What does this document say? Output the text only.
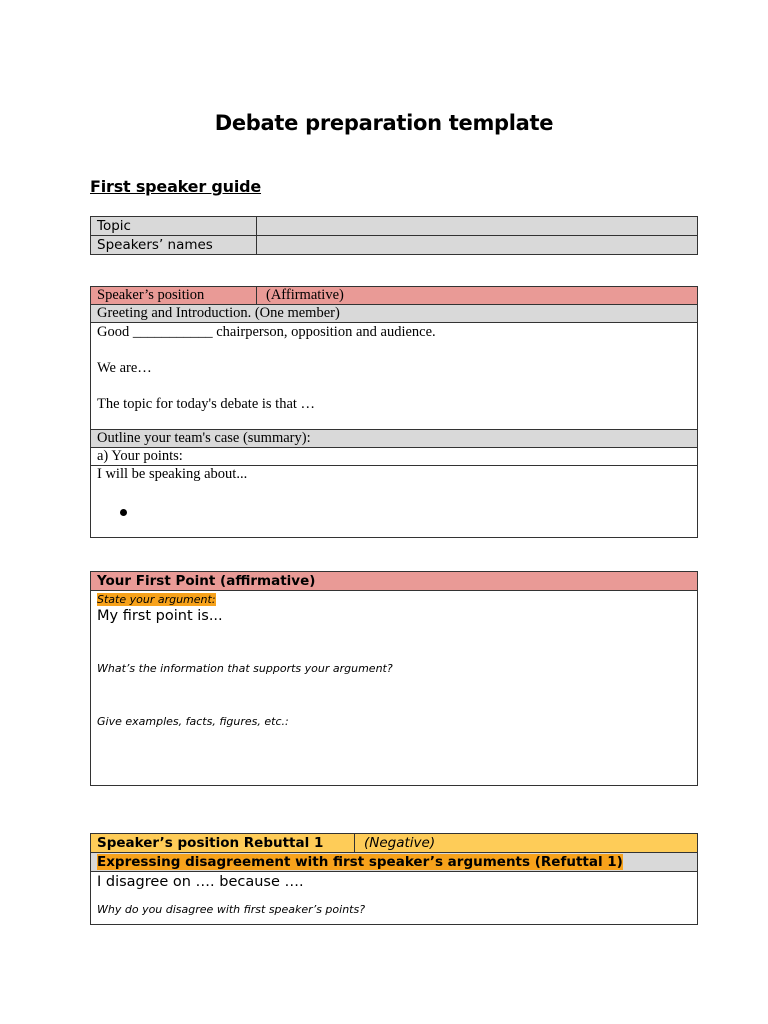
Debate preparation template
First speaker guide
Topic	
Speakers’ names	
Speaker’s position	(Affirmative)
Greeting and Introduction. (One member)

Good ___________ chairperson, opposition and audience.
We are…
The topic for today's debate is that …

Outline your team's case (summary):
a) Your points:

I will be speaking about...
Your First Point (affirmative)

State your argument:
My first point is...
What’s the information that supports your argument?
Give examples, facts, figures, etc.:
Speaker’s position Rebuttal 1	(Negative)
Expressing disagreement with first speaker’s arguments (Refuttal 1)

I disagree on …. because ….
Why do you disagree with first speaker’s points?
